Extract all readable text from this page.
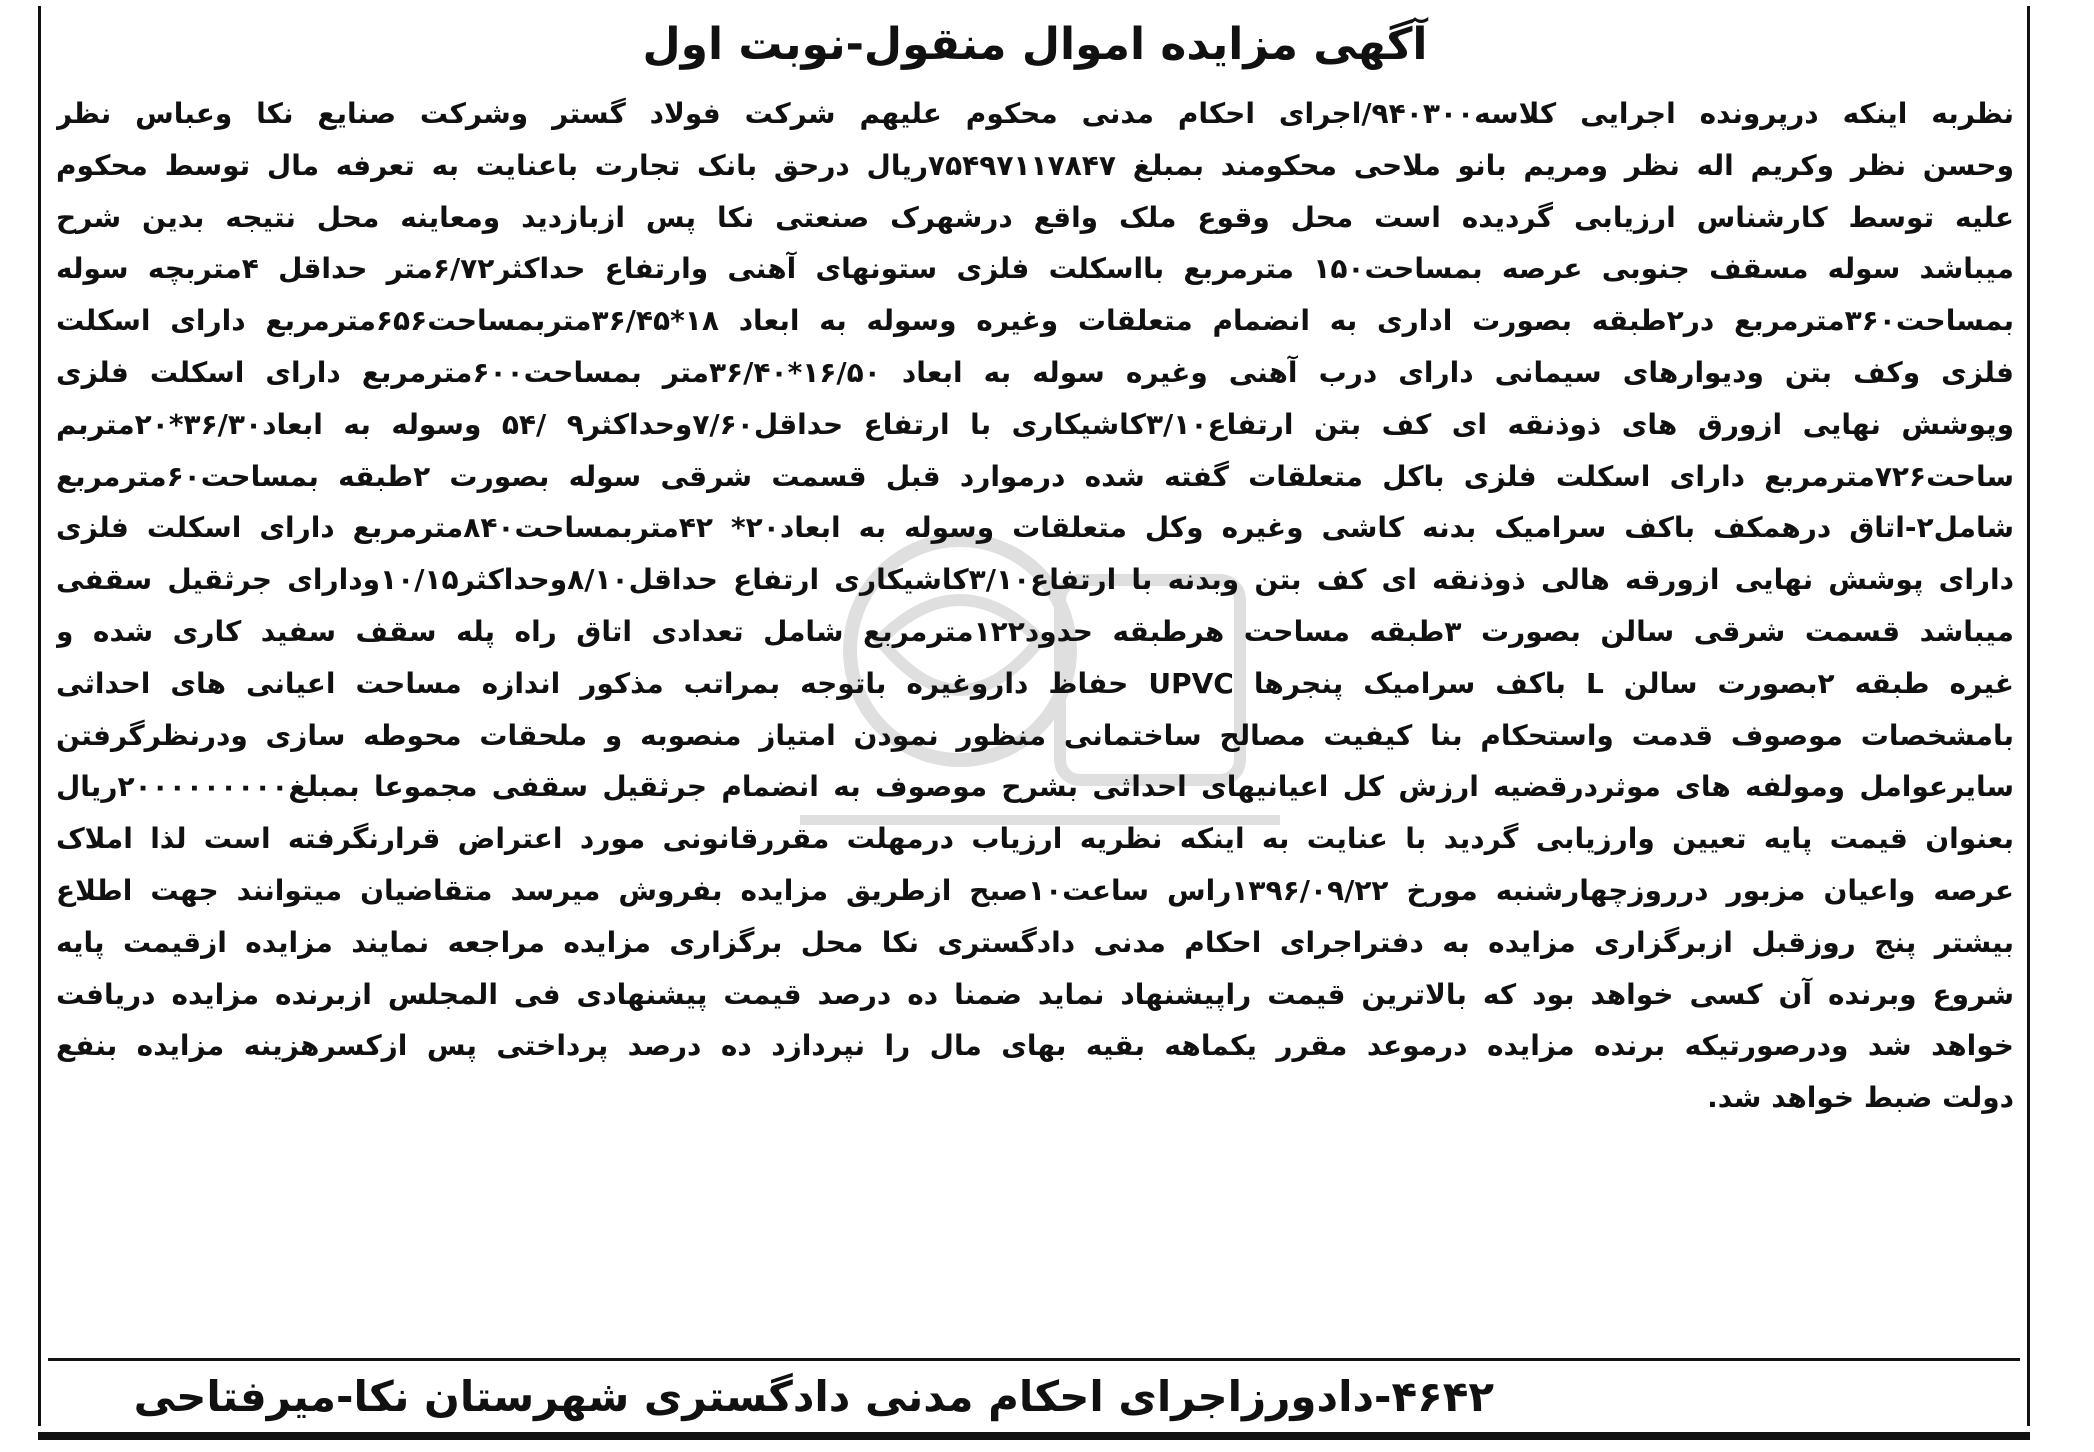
آگهی مزایده اموال منقول-نوبت اول
نظربه اینکه درپرونده اجرایی کلاسه۹۴۰۳۰۰/اجرای احکام مدنی محکوم علیهم شرکت فولاد گستر وشرکت صنایع نکا وعباس نظر
وحسن نظر وکریم اله نظر ومریم بانو ملاحی محکومند بمبلغ ۷۵۴۹۷۱۱۷۸۴۷ریال درحق بانک تجارت باعنایت به تعرفه مال توسط محکوم
علیه توسط کارشناس ارزیابی گردیده است محل وقوع ملک واقع درشهرک صنعتی نکا پس ازبازدید ومعاینه محل نتیجه بدین شرح
میباشد سوله مسقف جنوبی عرصه بمساحت۱۵۰ مترمربع بااسکلت فلزی ستونهای آهنی وارتفاع حداکثر۶/۷۲متر حداقل ۴متربچه سوله
بمساحت۳۶۰مترمربع در۲طبقه بصورت اداری به انضمام متعلقات وغیره وسوله به ابعاد ۱۸*۳۶/۴۵متربمساحت۶۵۶مترمربع دارای اسکلت
فلزی وکف بتن ودیوارهای سیمانی دارای درب آهنی وغیره سوله به ابعاد ۱۶/۵۰*۳۶/۴۰متر بمساحت۶۰۰مترمربع دارای اسکلت فلزی
وپوشش نهایی ازورق های ذوذنقه ای کف بتن ارتفاع۳/۱۰کاشیکاری با ارتفاع حداقل۷/۶۰وحداکثر۹ /۵۴ وسوله به ابعاد۳۶/۳۰*۲۰متربم
ساحت۷۲۶مترمربع دارای اسکلت فلزی باکل متعلقات گفته شده درموارد قبل قسمت شرقی سوله بصورت ۲طبقه بمساحت۶۰مترمربع
شامل۲-اتاق درهمکف باکف سرامیک بدنه کاشی وغیره وکل متعلقات وسوله به ابعاد۲۰* ۴۲متربمساحت۸۴۰مترمربع دارای اسکلت فلزی
دارای پوشش نهایی ازورقه هالی ذوذنقه ای کف بتن وبدنه با ارتفاع۳/۱۰کاشیکاری ارتفاع حداقل۸/۱۰وحداکثر۱۰/۱۵ودارای جرثقیل سقفی
میباشد قسمت شرقی سالن بصورت ۳طبقه مساحت هرطبقه حدود۱۲۲مترمربع شامل تعدادی اتاق راه پله سقف سفید کاری شده و
غیره طبقه ۲بصورت سالن L باکف سرامیک پنجرها UPVC حفاظ داروغیره باتوجه بمراتب مذکور اندازه مساحت اعیانی های احداثی
بامشخصات موصوف قدمت واستحکام بنا کیفیت مصالح ساختمانی منظور نمودن امتیاز منصوبه و ملحقات محوطه سازی ودرنظرگرفتن
سایرعوامل ومولفه های موثردرقضیه ارزش کل اعیانیهای احداثی بشرح موصوف به انضمام جرثقیل سقفی مجموعا بمبلغ۲۰۰۰۰۰۰۰۰۰ریال
بعنوان قیمت پایه تعیین وارزیابی گردید با عنایت به اینکه نظریه ارزیاب درمهلت مقررقانونی مورد اعتراض قرارنگرفته است لذا املاک
عرصه واعیان مزبور درروزچهارشنبه مورخ ۱۳۹۶/۰۹/۲۲راس ساعت۱۰صبح ازطریق مزایده بفروش میرسد متقاضیان میتوانند جهت اطلاع
بیشتر پنج روزقبل ازبرگزاری مزایده به دفتراجرای احکام مدنی دادگستری نکا محل برگزاری مزایده مراجعه نمایند مزایده ازقیمت پایه
شروع وبرنده آن کسی خواهد بود که بالاترین قیمت راپیشنهاد نماید ضمنا ده درصد قیمت پیشنهادی فی المجلس ازبرنده مزایده دریافت
خواهد شد ودرصورتیکه برنده مزایده درموعد مقرر یکماهه بقیه بهای مال را نپردازد ده درصد پرداختی پس ازکسرهزینه مزایده بنفع
دولت ضبط خواهد شد.
۴۶۴۲-دادورزاجرای احکام مدنی دادگستری شهرستان نکا-میرفتاحی
